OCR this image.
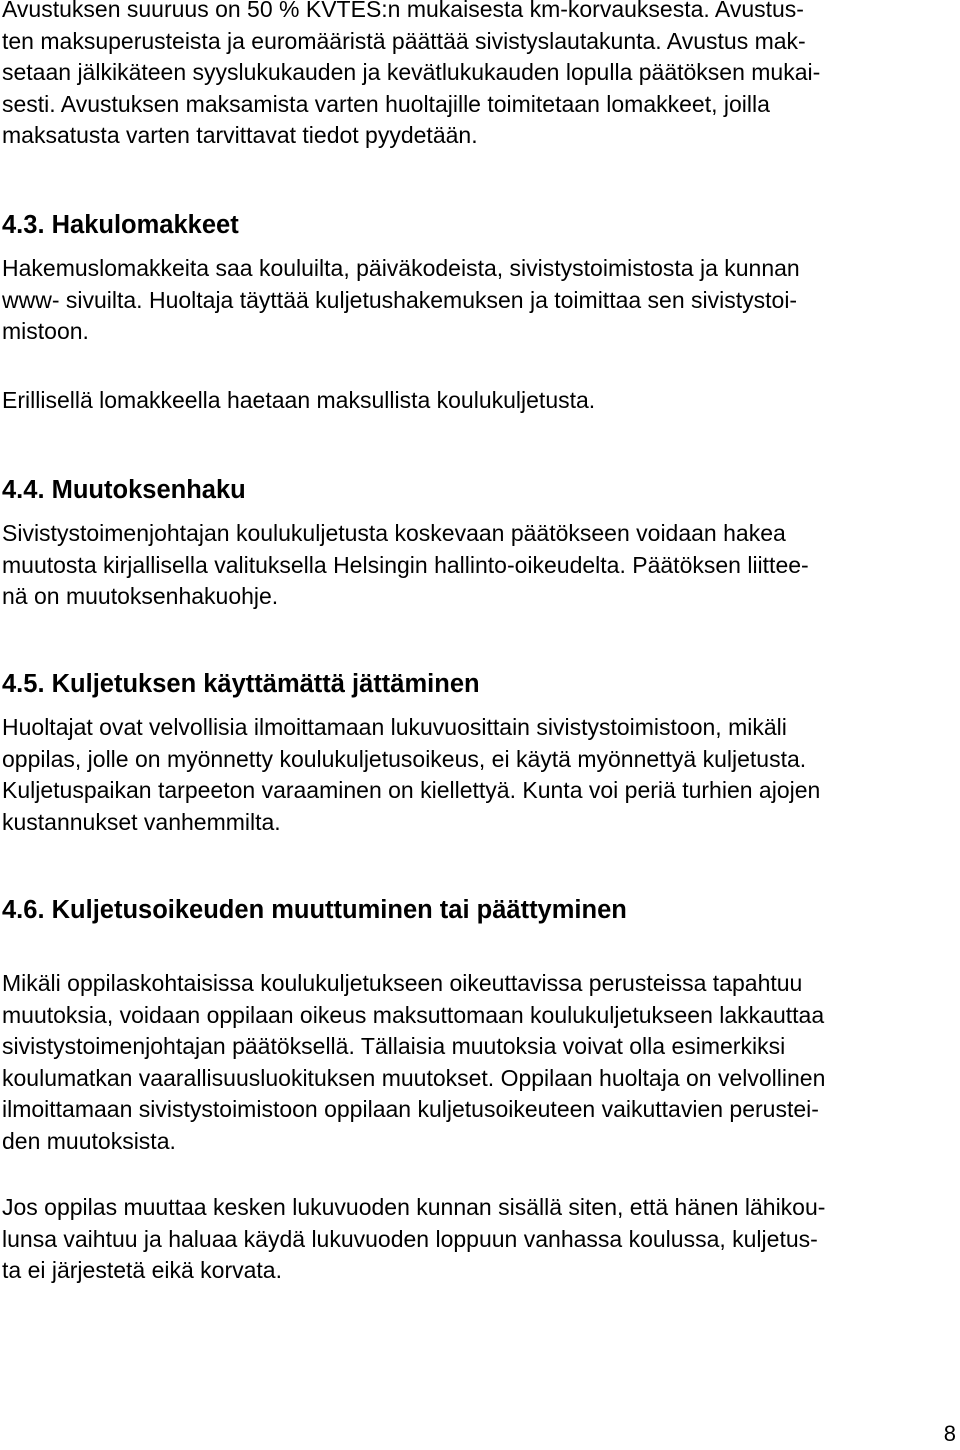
Avustuksen suuruus on 50 % KVTES:n mukaisesta km-korvauksesta. Avustus-
ten maksuperusteista ja euromääristä päättää sivistyslautakunta. Avustus mak-
setaan jälkikäteen syyslukukauden ja kevätlukukauden lopulla päätöksen mukai-
sesti. Avustuksen maksamista varten huoltajille toimitetaan lomakkeet, joilla
maksatusta varten tarvittavat tiedot pyydetään.
4.3. Hakulomakkeet
Hakemuslomakkeita saa kouluilta, päiväkodeista, sivistystoimistosta ja kunnan
www- sivuilta. Huoltaja täyttää kuljetushakemuksen ja toimittaa sen sivistystoi-
mistoon.
Erillisellä lomakkeella haetaan maksullista koulukuljetusta.
4.4. Muutoksenhaku
Sivistystoimenjohtajan koulukuljetusta koskevaan päätökseen voidaan hakea
muutosta kirjallisella valituksella Helsingin hallinto-oikeudelta. Päätöksen liittee-
nä on muutoksenhakuohje.
4.5. Kuljetuksen käyttämättä jättäminen
Huoltajat ovat velvollisia ilmoittamaan lukuvuosittain sivistystoimistoon, mikäli
oppilas, jolle on myönnetty koulukuljetusoikeus, ei käytä myönnettyä kuljetusta.
Kuljetuspaikan tarpeeton varaaminen on kiellettyä. Kunta voi periä turhien ajojen
kustannukset vanhemmilta.
4.6. Kuljetusoikeuden muuttuminen tai päättyminen
Mikäli oppilaskohtaisissa koulukuljetukseen oikeuttavissa perusteissa tapahtuu
muutoksia, voidaan oppilaan oikeus maksuttomaan koulukuljetukseen lakkauttaa
sivistystoimenjohtajan päätöksellä. Tällaisia muutoksia voivat olla esimerkiksi
koulumatkan vaarallisuusluokituksen muutokset. Oppilaan huoltaja on velvollinen
ilmoittamaan sivistystoimistoon oppilaan kuljetusoikeuteen vaikuttavien perustei-
den muutoksista.
Jos oppilas muuttaa kesken lukuvuoden kunnan sisällä siten, että hänen lähikou-
lunsa vaihtuu ja haluaa käydä lukuvuoden loppuun vanhassa koulussa, kuljetus-
ta ei järjestetä eikä korvata.
8
